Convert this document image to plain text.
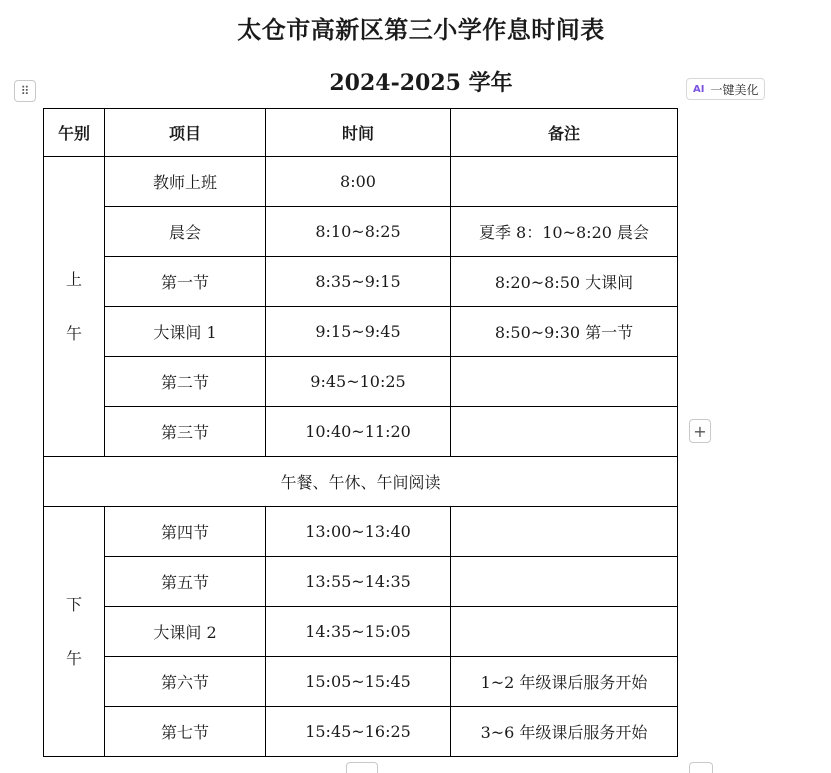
太仓市高新区第三小学作息时间表
2024-2025 学年
⠿	AI 一键美化
+
午别	项目	时间	备注

上
午	教师上班	8:00	
	晨会	8:10~8:25	夏季 8：10~8:20 晨会
	第一节	8:35~9:15	8:20~8:50 大课间
	大课间 1	9:15~9:45	8:50~9:30 第一节
	第二节	9:45~10:25	
	第三节	10:40~11:20	
午餐、午休、午间阅读			

下
午	第四节	13:00~13:40	
	第五节	13:55~14:35	
	大课间 2	14:35~15:05	
	第六节	15:05~15:45	1~2 年级课后服务开始
	第七节	15:45~16:25	3~6 年级课后服务开始
